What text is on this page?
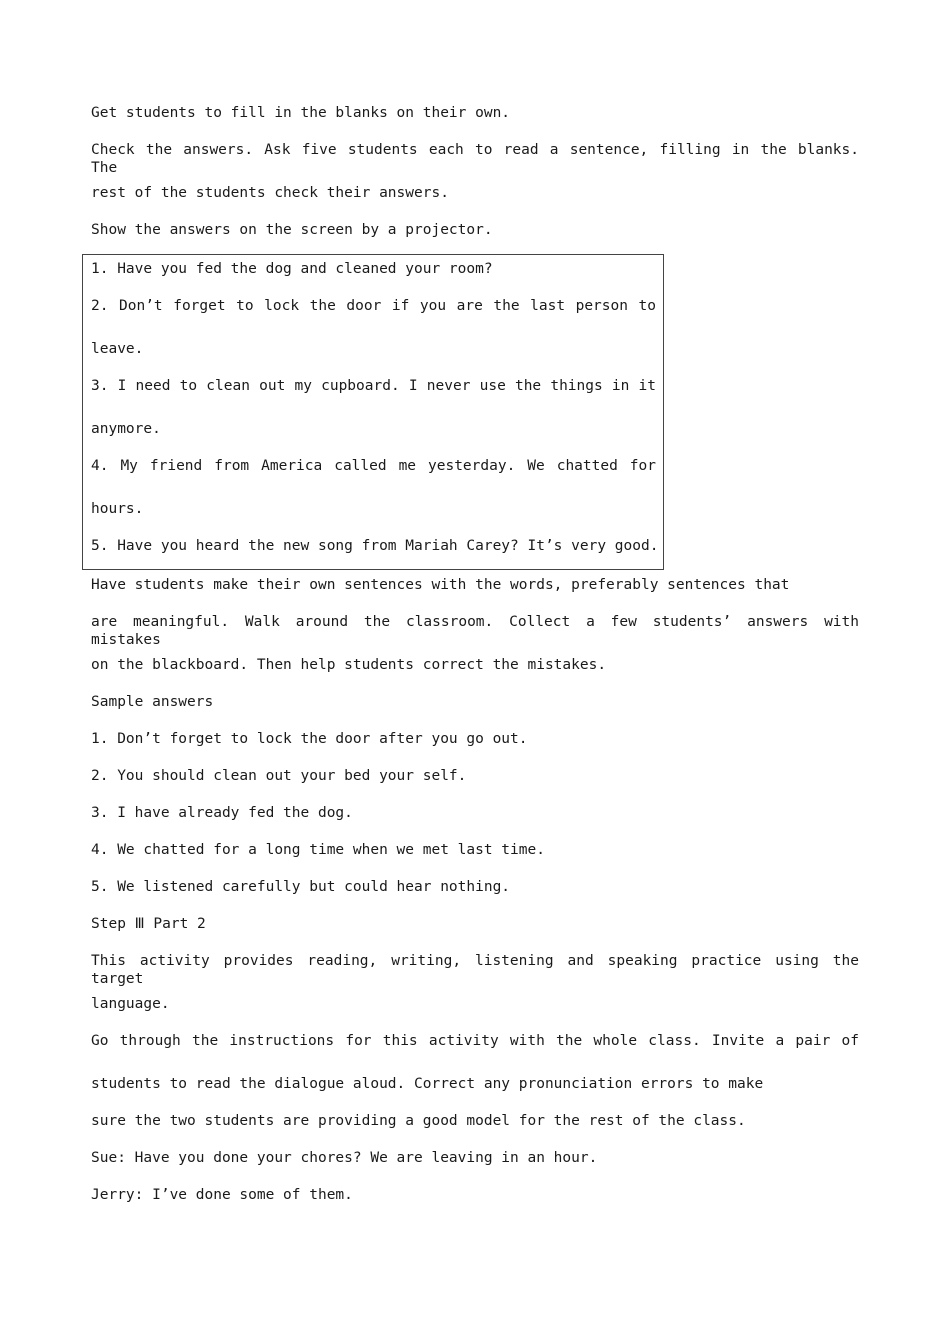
Get students to fill in the blanks on their own.
Check the answers. Ask five students each to read a sentence, filling in the blanks. The
rest of the students check their answers.
Show the answers on the screen by a projector.
1. Have you fed the dog and cleaned your room?
2. Don’t forget to lock the door if you are the last person to
leave.
3. I need to clean out my cupboard. I never use the things in it
anymore.
4. My friend from America called me yesterday. We chatted for
hours.
5. Have you heard the new song from Mariah Carey? It’s very good.
Have students make their own sentences with the words, preferably sentences that
are meaningful. Walk around the classroom. Collect a few students’ answers with mistakes
on the blackboard. Then help students correct the mistakes.
Sample answers
1. Don’t forget to lock the door after you go out.
2. You should clean out your bed your self.
3. I have already fed the dog.
4. We chatted for a long time when we met last time.
5. We listened carefully but could hear nothing.
Step Ⅲ Part 2
This activity provides reading, writing, listening and speaking practice using the target
language.
Go through the instructions for this activity with the whole class. Invite a pair of
students to read the dialogue aloud. Correct any pronunciation errors to make
sure the two students are providing a good model for the rest of the class.
Sue: Have you done your chores? We are leaving in an hour.
Jerry: I’ve done some of them.
